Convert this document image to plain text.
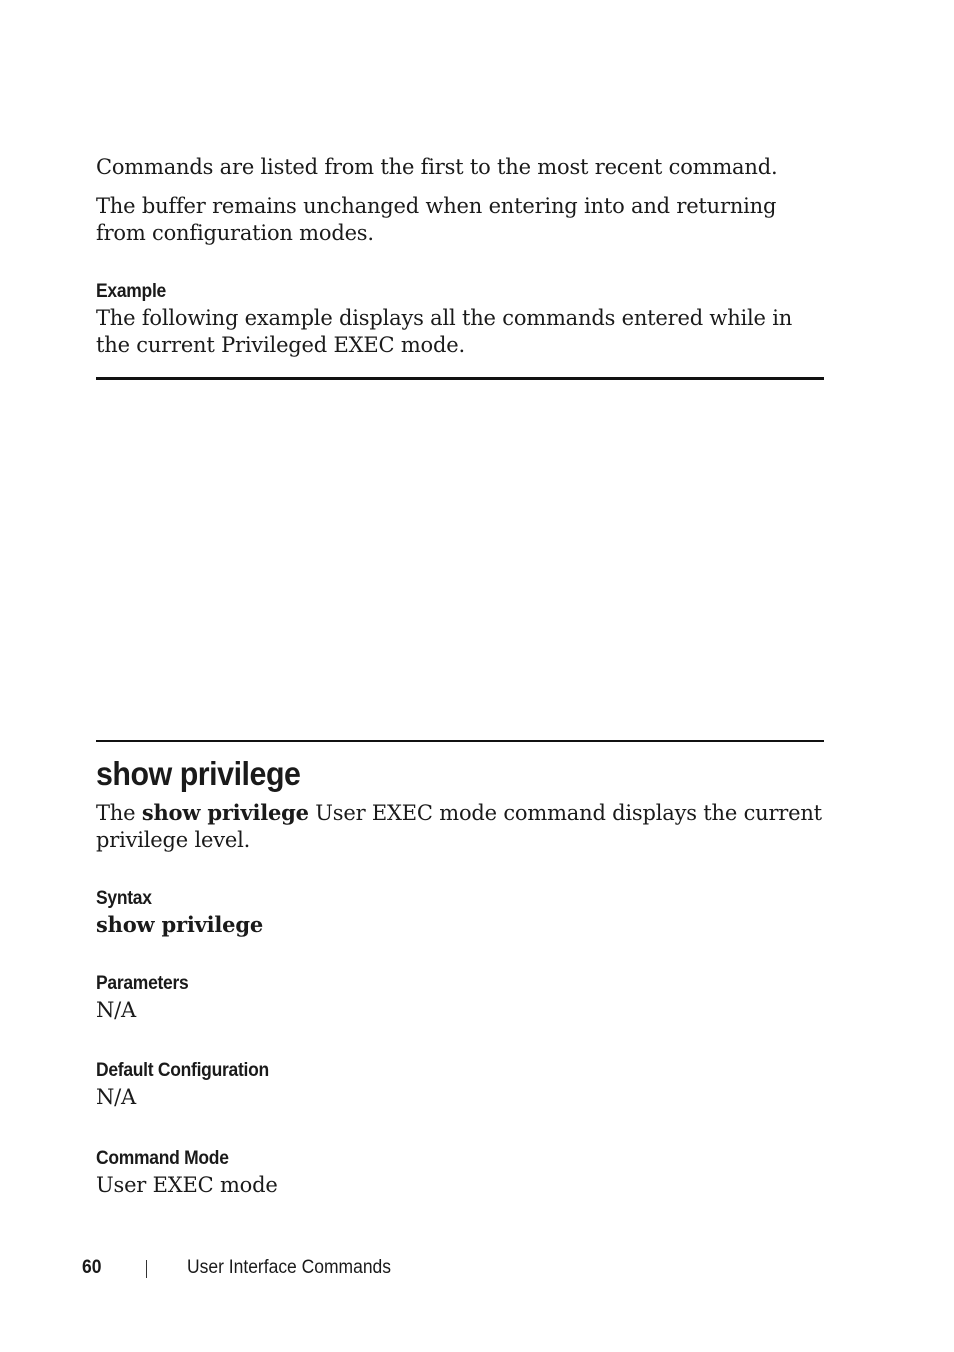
Commands are listed from the first to the most recent command.

The buffer remains unchanged when entering into and returning from configuration modes.

Example

The following example displays all the commands entered while in the current Privileged EXEC mode.

show privilege

The show privilege User EXEC mode command displays the current privilege level.

Syntax
show privilege
Parameters
N/A
Default Configuration
N/A
Command Mode
User EXEC mode
60	User Interface Commands
